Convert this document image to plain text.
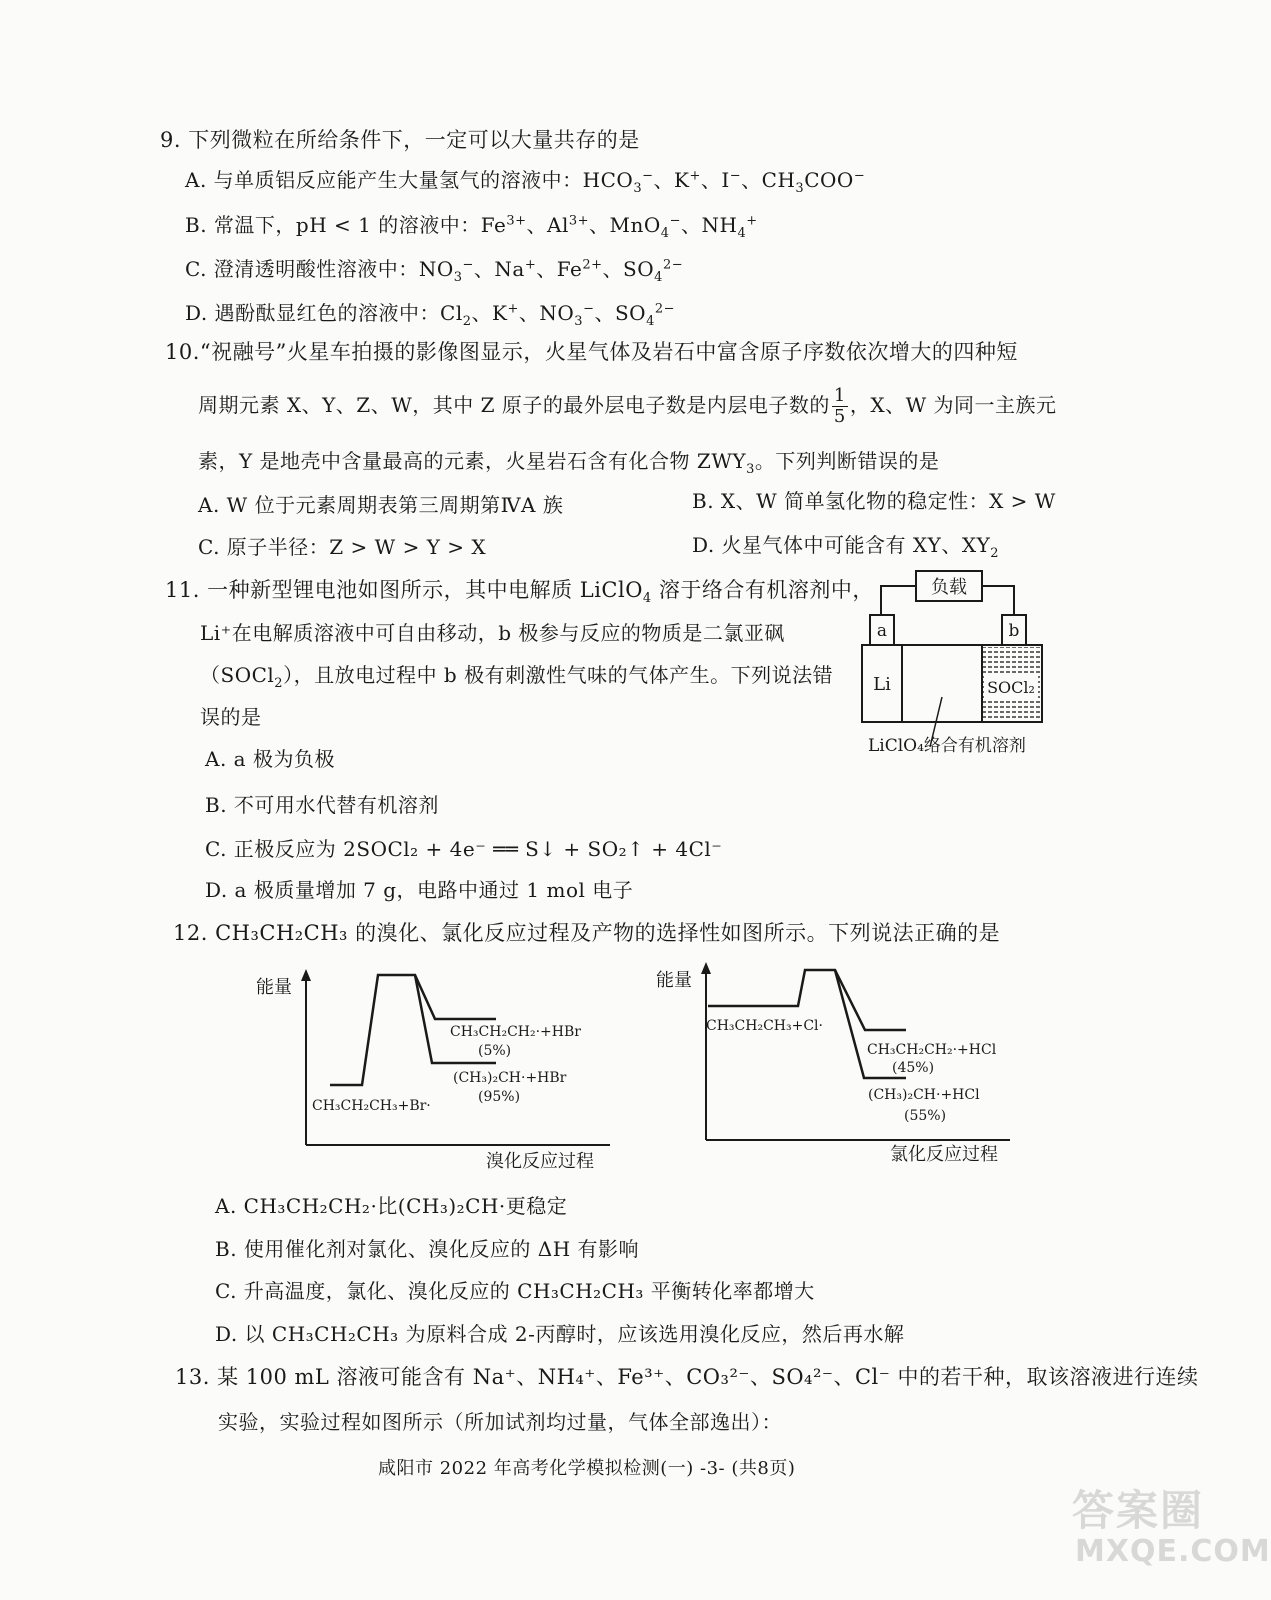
9. 下列微粒在所给条件下，一定可以大量共存的是
A. 与单质铝反应能产生大量氢气的溶液中：$HCO_3^-$、K+、I−、$CH_3COO^-$
B. 常温下，pH < 1 的溶液中：$Fe^{3+}$、$Al^{3+}$、MnO$_4$−、$NH_4^+$
C. 澄清透明酸性溶液中：$NO_3^-$、Na+、$Fe^{2+}$、$SO_4^{2-}$
D. 遇酚酞显红色的溶液中：$Cl_2$、K+、$NO_3^-$、$SO_4^{2-}$
10.“祝融号”火星车拍摄的影像图显示，火星气体及岩石中富含原子序数依次增大的四种短
周期元素 X、Y、Z、W，其中 Z 原子的最外层电子数是内层电子数的 $\frac{1}{5}$ ，X、W 为同一主族元
素，Y 是地壳中含量最高的元素，火星岩石含有化合物 $ZWY_3$。下列判断错误的是
A. W 位于元素周期表第三周期第ⅣA 族	B. X、W 简单氢化物的稳定性：X > W
C. 原子半径：Z > W > Y > X	D. 火星气体中可能含有 XY、$XY_2$
11. 一种新型锂电池如图所示，其中电解质 LiClO$_4$ 溶于络合有机溶剂中，
Li⁺在电解质溶液中可自由移动，b 极参与反应的物质是二氯亚砜
（SOCl$_2$），且放电过程中 b 极有刺激性气味的气体产生。下列说法错
误的是
A. a 极为负极
B. 不可用水代替有机溶剂
C. 正极反应为 2SOCl₂ + 4e⁻ ══ S↓ + SO₂↑ + 4Cl⁻
D. a 极质量增加 7 g，电路中通过 1 mol 电子
负载
a	b
Li	SOCl₂
LiClO₄络合有机溶剂
12. CH₃CH₂CH₃ 的溴化、氯化反应过程及产物的选择性如图所示。下列说法正确的是
能量
CH₃CH₂CH₂·+HBr
(5%)
(CH₃)₂CH·+HBr
(95%)
CH₃CH₂CH₃+Br·
溴化反应过程
能量
CH₃CH₂CH₃+Cl·
CH₃CH₂CH₂·+HCl
(45%)
(CH₃)₂CH·+HCl
(55%)
氯化反应过程
A. CH₃CH₂CH₂·比(CH₃)₂CH·更稳定
B. 使用催化剂对氯化、溴化反应的 ΔH 有影响
C. 升高温度，氯化、溴化反应的 CH₃CH₂CH₃ 平衡转化率都增大
D. 以 CH₃CH₂CH₃ 为原料合成 2-丙醇时，应该选用溴化反应，然后再水解
13. 某 100 mL 溶液可能含有 Na⁺、NH₄⁺、Fe³⁺、CO₃²⁻、SO₄²⁻、Cl⁻ 中的若干种，取该溶液进行连续
实验，实验过程如图所示（所加试剂均过量，气体全部逸出）：
咸阳市 2022 年高考化学模拟检测(一) -3- (共8页)
答案圈
MXQE.COM
